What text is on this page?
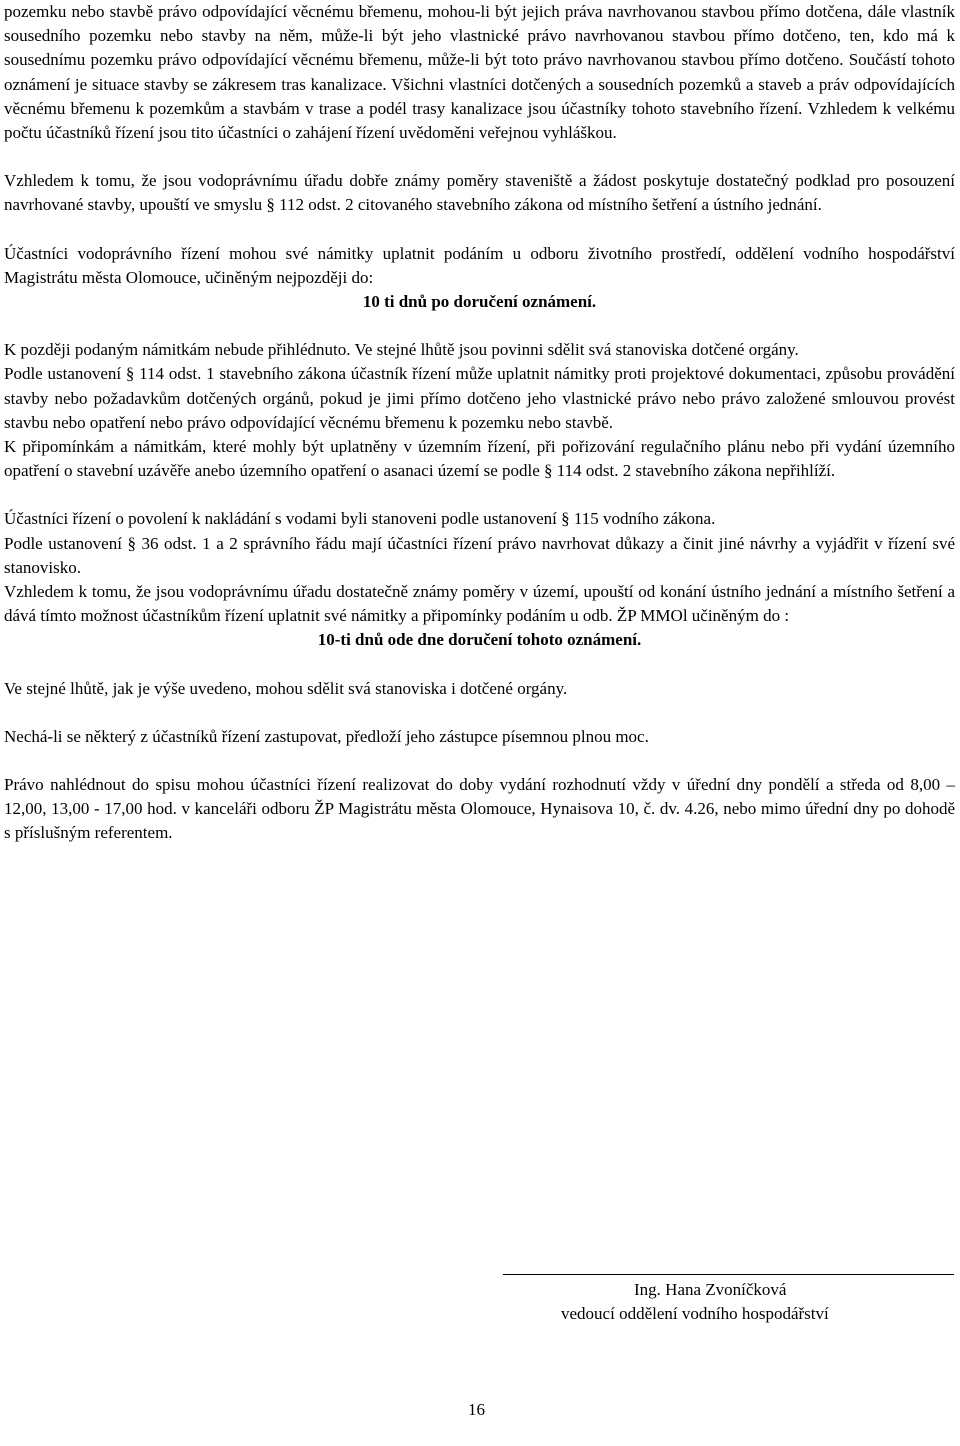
pozemku nebo stavbě právo odpovídající věcnému břemenu, mohou-li být jejich práva navrhovanou stavbou přímo dotčena, dále vlastník sousedního pozemku nebo stavby na něm, může-li být jeho vlastnické právo navrhovanou stavbou přímo dotčeno, ten, kdo má k sousednímu pozemku právo odpovídající věcnému břemenu, může-li být toto právo navrhovanou stavbou přímo dotčeno. Součástí tohoto oznámení je situace stavby se zákresem tras kanalizace. Všichni vlastníci dotčených a sousedních pozemků a staveb a práv odpovídajících věcnému břemenu k pozemkům a stavbám v trase a podél trasy kanalizace jsou účastníky tohoto stavebního řízení. Vzhledem k velkému počtu účastníků řízení jsou tito účastníci o zahájení řízení uvědoměni veřejnou vyhláškou.

Vzhledem k tomu, že jsou vodoprávnímu úřadu dobře známy poměry staveniště a žádost poskytuje dostatečný podklad pro posouzení navrhované stavby, upouští ve smyslu § 112 odst. 2 citovaného stavebního zákona od místního šetření a ústního jednání.

Účastníci vodoprávního řízení mohou své námitky uplatnit podáním u odboru životního prostředí, oddělení vodního hospodářství Magistrátu města Olomouce, učiněným nejpozději do:

10 ti dnů po doručení oznámení.

K později podaným námitkám nebude přihlédnuto. Ve stejné lhůtě jsou povinni sdělit svá stanoviska dotčené orgány.

Podle ustanovení § 114 odst. 1 stavebního zákona účastník řízení může uplatnit námitky proti projektové dokumentaci, způsobu provádění stavby nebo požadavkům dotčených orgánů, pokud je jimi přímo dotčeno jeho vlastnické právo nebo právo založené smlouvou provést stavbu nebo opatření nebo právo odpovídající věcnému břemenu k pozemku nebo stavbě.

K připomínkám a námitkám, které mohly být uplatněny v územním řízení, při pořizování regulačního plánu nebo při vydání územního opatření o stavební uzávěře anebo územního opatření o asanaci území se podle § 114 odst. 2 stavebního zákona nepřihlíží.

Účastníci řízení o povolení k nakládání s vodami byli stanoveni podle ustanovení § 115 vodního zákona.

Podle ustanovení § 36 odst. 1 a 2 správního řádu mají účastníci řízení právo navrhovat důkazy a činit jiné návrhy a vyjádřit v řízení své stanovisko.

Vzhledem k tomu, že jsou vodoprávnímu úřadu dostatečně známy poměry v území, upouští od konání ústního jednání a místního šetření a dává tímto možnost účastníkům řízení uplatnit své námitky a připomínky podáním u odb. ŽP MMOl učiněným do :

10-ti dnů ode dne doručení tohoto oznámení.

Ve stejné lhůtě, jak je výše uvedeno, mohou sdělit svá stanoviska i dotčené orgány.

Nechá-li se některý z účastníků řízení zastupovat, předloží jeho zástupce písemnou plnou moc.

Právo nahlédnout do spisu mohou účastníci řízení realizovat do doby vydání rozhodnutí vždy v úřední dny pondělí a středa od 8,00 – 12,00, 13,00 - 17,00 hod. v kanceláři odboru ŽP Magistrátu města Olomouce, Hynaisova 10, č. dv. 4.26, nebo mimo úřední dny po dohodě s příslušným referentem.

Ing. Hana Zvoníčková
vedoucí oddělení vodního hospodářství
16
